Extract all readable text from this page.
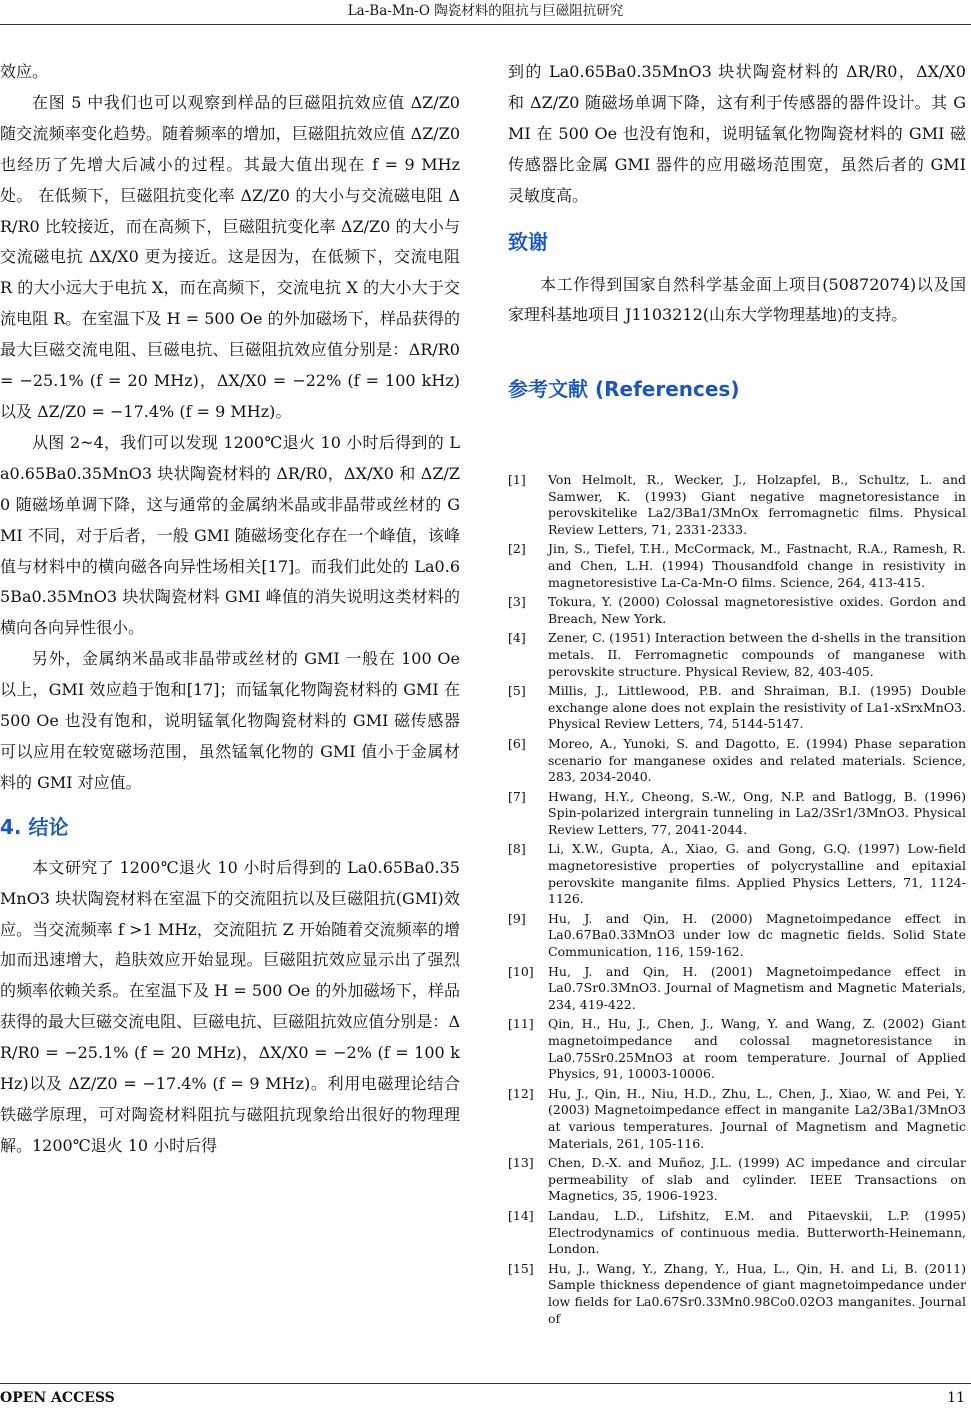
La-Ba-Mn-O 陶瓷材料的阻抗与巨磁阻抗研究

效应。

在图 5 中我们也可以观察到样品的巨磁阻抗效应值 ΔZ/Z0 随交流频率变化趋势。随着频率的增加，巨磁阻抗效应值 ΔZ/Z0 也经历了先增大后减小的过程。其最大值出现在 f = 9 MHz 处。 在低频下，巨磁阻抗变化率 ΔZ/Z0 的大小与交流磁电阻 ΔR/R0 比较接近，而在高频下，巨磁阻抗变化率 ΔZ/Z0 的大小与交流磁电抗 ΔX/X0 更为接近。这是因为，在低频下，交流电阻 R 的大小远大于电抗 X，而在高频下，交流电抗 X 的大小大于交流电阻 R。在室温下及 H = 500 Oe 的外加磁场下，样品获得的最大巨磁交流电阻、巨磁电抗、巨磁阻抗效应值分别是：ΔR/R0 = −25.1% (f = 20 MHz)，ΔX/X0 = −22% (f = 100 kHz)以及 ΔZ/Z0 = −17.4% (f = 9 MHz)。

从图 2~4，我们可以发现 1200℃退火 10 小时后得到的 La0.65Ba0.35MnO3 块状陶瓷材料的 ΔR/R0，ΔX/X0 和 ΔZ/Z0 随磁场单调下降，这与通常的金属纳米晶或非晶带或丝材的 GMI 不同，对于后者，一般 GMI 随磁场变化存在一个峰值，该峰值与材料中的横向磁各向异性场相关[17]。而我们此处的 La0.65Ba0.35MnO3 块状陶瓷材料 GMI 峰值的消失说明这类材料的横向各向异性很小。

另外，金属纳米晶或非晶带或丝材的 GMI 一般在 100 Oe 以上，GMI 效应趋于饱和[17]；而锰氧化物陶瓷材料的 GMI 在 500 Oe 也没有饱和，说明锰氧化物陶瓷材料的 GMI 磁传感器可以应用在较宽磁场范围，虽然锰氧化物的 GMI 值小于金属材料的 GMI 对应值。

4. 结论

本文研究了 1200℃退火 10 小时后得到的 La0.65Ba0.35MnO3 块状陶瓷材料在室温下的交流阻抗以及巨磁阻抗(GMI)效应。当交流频率 f >1 MHz，交流阻抗 Z 开始随着交流频率的增加而迅速增大，趋肤效应开始显现。巨磁阻抗效应显示出了强烈的频率依赖关系。在室温下及 H = 500 Oe 的外加磁场下，样品获得的最大巨磁交流电阻、巨磁电抗、巨磁阻抗效应值分别是：ΔR/R0 = −25.1% (f = 20 MHz)，ΔX/X0 = −2% (f = 100 kHz)以及 ΔZ/Z0 = −17.4% (f = 9 MHz)。利用电磁理论结合铁磁学原理，可对陶瓷材料阻抗与磁阻抗现象给出很好的物理理解。1200℃退火 10 小时后得

到的 La0.65Ba0.35MnO3 块状陶瓷材料的 ΔR/R0，ΔX/X0 和 ΔZ/Z0 随磁场单调下降，这有利于传感器的器件设计。其 GMI 在 500 Oe 也没有饱和，说明锰氧化物陶瓷材料的 GMI 磁传感器比金属 GMI 器件的应用磁场范围宽，虽然后者的 GMI 灵敏度高。

致谢

本工作得到国家自然科学基金面上项目(50872074)以及国家理科基地项目 J1103212(山东大学物理基地)的支持。

参考文献 (References)
[1] Von Helmolt, R., Wecker, J., Holzapfel, B., Schultz, L. and Samwer, K. (1993) Giant negative magnetoresistance in perovskitelike La2/3Ba1/3MnOx ferromagnetic films. Physical Review Letters, 71, 2331-2333.
[2] Jin, S., Tiefel, T.H., McCormack, M., Fastnacht, R.A., Ramesh, R. and Chen, L.H. (1994) Thousandfold change in resistivity in magnetoresistive La-Ca-Mn-O films. Science, 264, 413-415.
[3] Tokura, Y. (2000) Colossal magnetoresistive oxides. Gordon and Breach, New York.
[4] Zener, C. (1951) Interaction between the d-shells in the transition metals. II. Ferromagnetic compounds of manganese with perovskite structure. Physical Review, 82, 403-405.
[5] Millis, J., Littlewood, P.B. and Shraiman, B.I. (1995) Double exchange alone does not explain the resistivity of La1-xSrxMnO3. Physical Review Letters, 74, 5144-5147.
[6] Moreo, A., Yunoki, S. and Dagotto, E. (1994) Phase separation scenario for manganese oxides and related materials. Science, 283, 2034-2040.
[7] Hwang, H.Y., Cheong, S.-W., Ong, N.P. and Batlogg, B. (1996) Spin-polarized intergrain tunneling in La2/3Sr1/3MnO3. Physical Review Letters, 77, 2041-2044.
[8] Li, X.W., Gupta, A., Xiao, G. and Gong, G.Q. (1997) Low-field magnetoresistive properties of polycrystalline and epitaxial perovskite manganite films. Applied Physics Letters, 71, 1124-1126.
[9] Hu, J. and Qin, H. (2000) Magnetoimpedance effect in La0.67Ba0.33MnO3 under low dc magnetic fields. Solid State Communication, 116, 159-162.
[10] Hu, J. and Qin, H. (2001) Magnetoimpedance effect in La0.7Sr0.3MnO3. Journal of Magnetism and Magnetic Materials, 234, 419-422.
[11] Qin, H., Hu, J., Chen, J., Wang, Y. and Wang, Z. (2002) Giant magnetoimpedance and colossal magnetoresistance in La0.75Sr0.25MnO3 at room temperature. Journal of Applied Physics, 91, 10003-10006.
[12] Hu, J., Qin, H., Niu, H.D., Zhu, L., Chen, J., Xiao, W. and Pei, Y. (2003) Magnetoimpedance effect in manganite La2/3Ba1/3MnO3 at various temperatures. Journal of Magnetism and Magnetic Materials, 261, 105-116.
[13] Chen, D.-X. and Muñoz, J.L. (1999) AC impedance and circular permeability of slab and cylinder. IEEE Transactions on Magnetics, 35, 1906-1923.
[14] Landau, L.D., Lifshitz, E.M. and Pitaevskii, L.P. (1995) Electrodynamics of continuous media. Butterworth-Heinemann, London.
[15] Hu, J., Wang, Y., Zhang, Y., Hua, L., Qin, H. and Li, B. (2011) Sample thickness dependence of giant magnetoimpedance under low fields for La0.67Sr0.33Mn0.98Co0.02O3 manganites. Journal of
OPEN ACCESS	11
